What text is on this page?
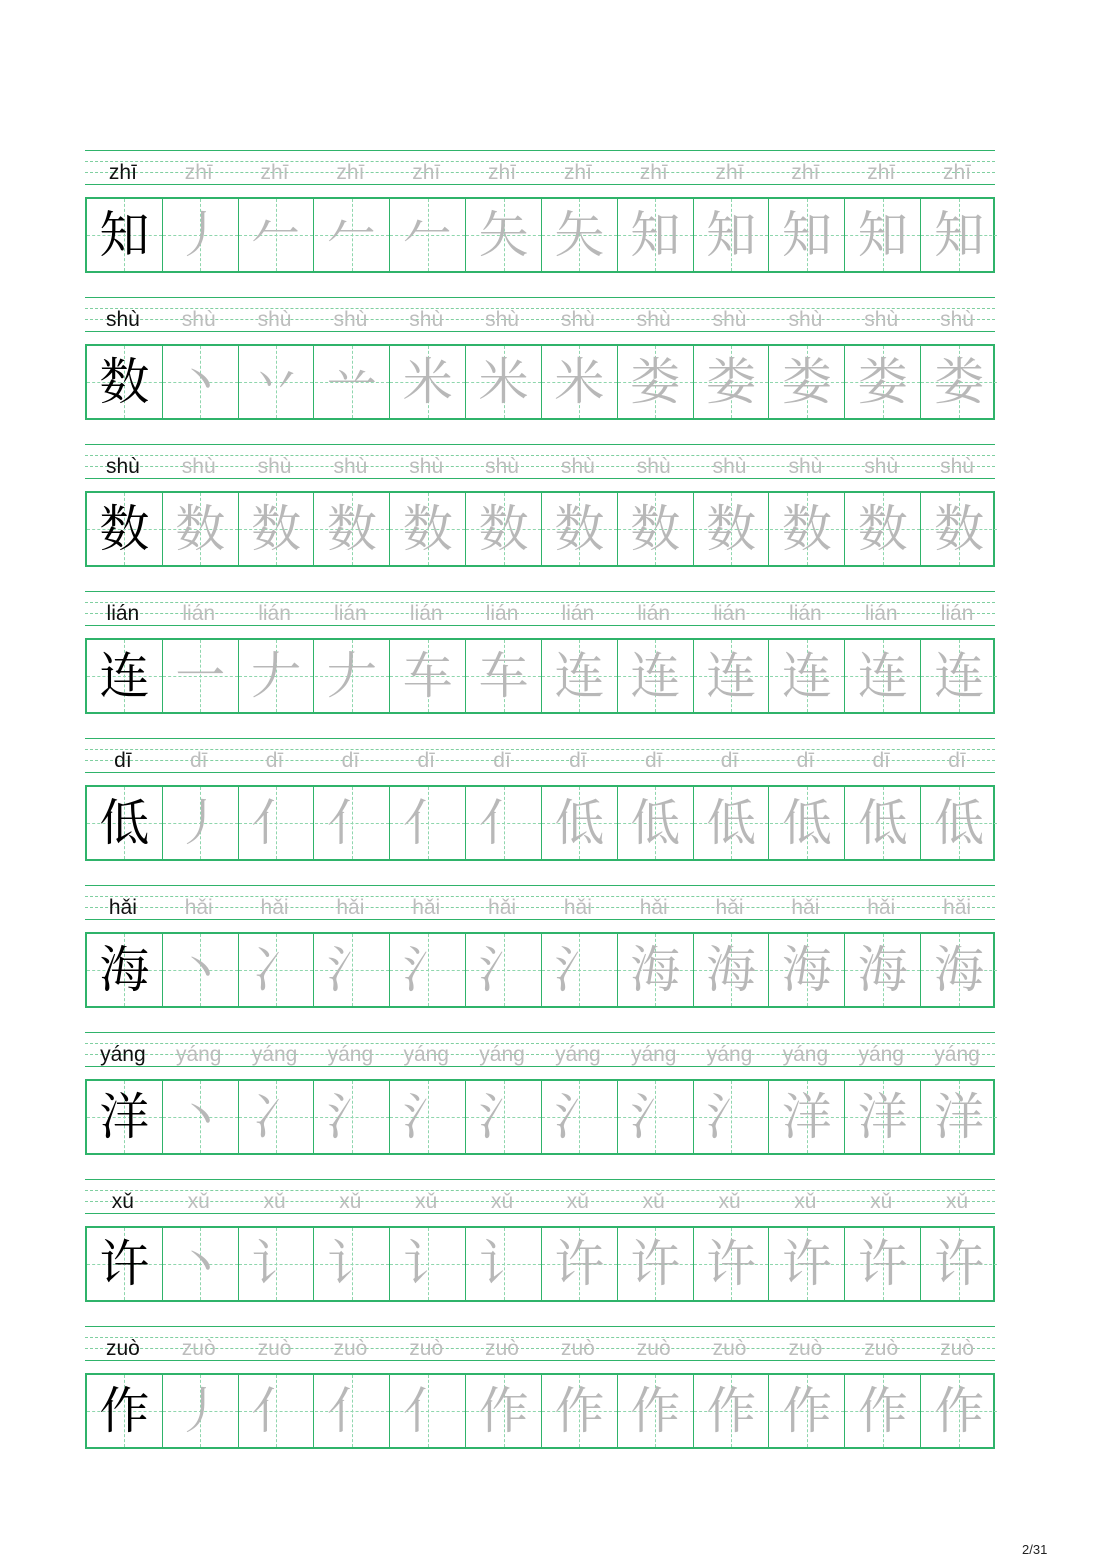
zhī	zhī	zhī	zhī	zhī	zhī	zhī	zhī	zhī	zhī	zhī	zhī
知 丿 𠂉 𠂉 𠂉 矢 矢 知 知 知 知 知
shù	shù	shù	shù	shù	shù	shù	shù	shù	shù	shù	shù
数 丶 丷 䒑 米 米 米 娄 娄 娄 娄 娄
shù	shù	shù	shù	shù	shù	shù	shù	shù	shù	shù	shù
数 数 数 数 数 数 数 数 数 数 数 数
lián	lián	lián	lián	lián	lián	lián	lián	lián	lián	lián	lián
连 一 𠂇 𠂇 车 车 连 连 连 连 连 连
dī	dī	dī	dī	dī	dī	dī	dī	dī	dī	dī	dī
低 丿 亻 亻 亻 亻 低 低 低 低 低 低
hǎi	hǎi	hǎi	hǎi	hǎi	hǎi	hǎi	hǎi	hǎi	hǎi	hǎi	hǎi
海 丶 冫 氵 氵 氵 氵 海 海 海 海 海
yáng	yáng	yáng	yáng	yáng	yáng	yáng	yáng	yáng	yáng	yáng	yáng
洋 丶 冫 氵 氵 氵 氵 氵 氵 洋 洋 洋
xǔ	xǔ	xǔ	xǔ	xǔ	xǔ	xǔ	xǔ	xǔ	xǔ	xǔ	xǔ
许 丶 讠 讠 讠 讠 许 许 许 许 许 许
zuò	zuò	zuò	zuò	zuò	zuò	zuò	zuò	zuò	zuò	zuò	zuò
作 丿 亻 亻 亻 作 作 作 作 作 作 作
2/31
